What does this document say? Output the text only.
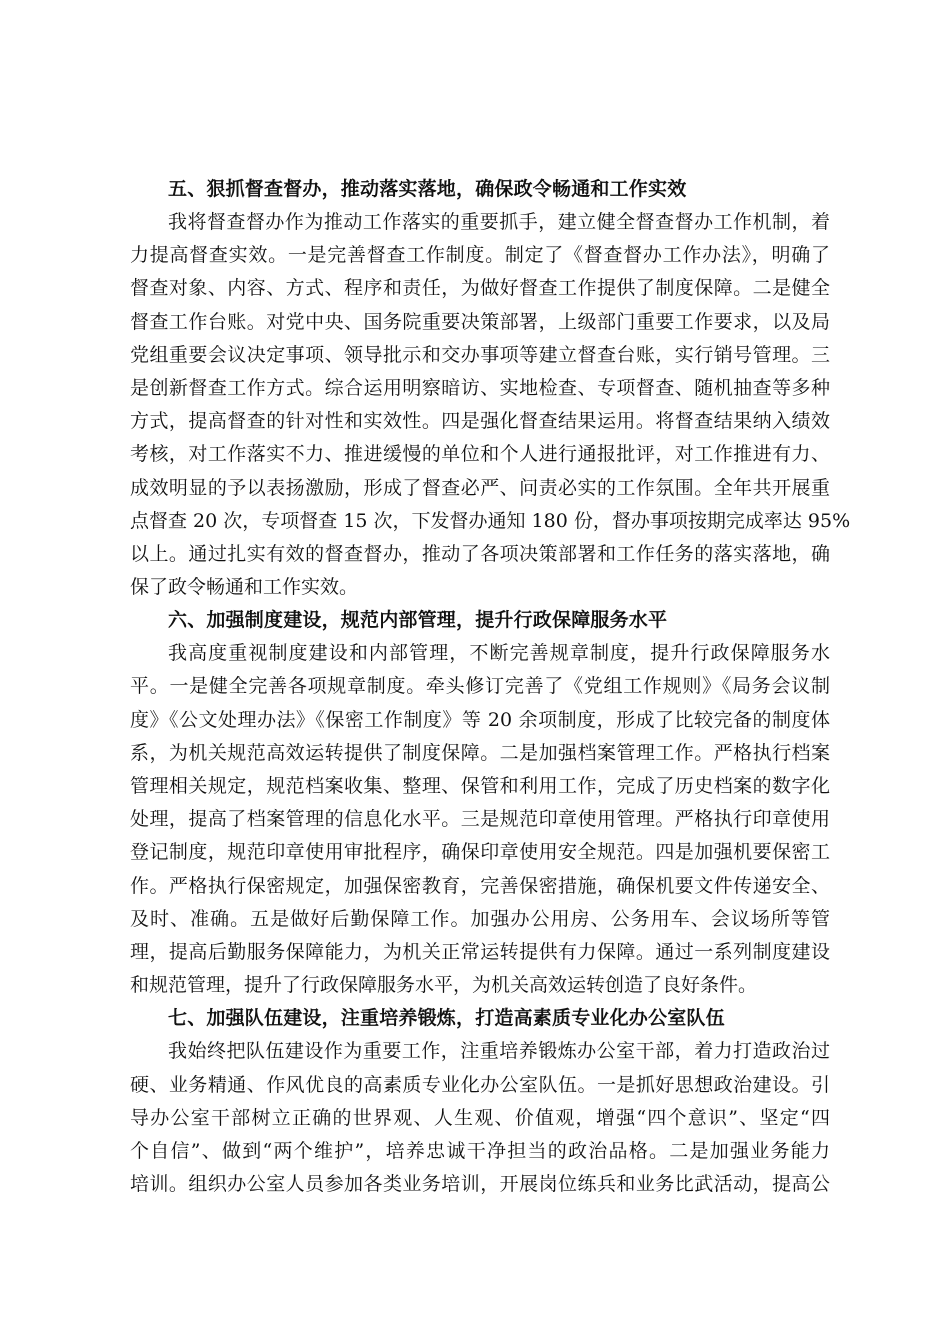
五、狠抓督查督办，推动落实落地，确保政令畅通和工作实效
我将督查督办作为推动工作落实的重要抓手，建立健全督查督办工作机制，着
力提高督查实效。一是完善督查工作制度。制定了《督查督办工作办法》，明确了
督查对象、内容、方式、程序和责任，为做好督查工作提供了制度保障。二是健全
督查工作台账。对党中央、国务院重要决策部署，上级部门重要工作要求，以及局
党组重要会议决定事项、领导批示和交办事项等建立督查台账，实行销号管理。三
是创新督查工作方式。综合运用明察暗访、实地检查、专项督查、随机抽查等多种
方式，提高督查的针对性和实效性。四是强化督查结果运用。将督查结果纳入绩效
考核，对工作落实不力、推进缓慢的单位和个人进行通报批评，对工作推进有力、
成效明显的予以表扬激励，形成了督查必严、问责必实的工作氛围。全年共开展重
点督查 20 次，专项督查 15 次，下发督办通知 180 份，督办事项按期完成率达 95%
以上。通过扎实有效的督查督办，推动了各项决策部署和工作任务的落实落地，确
保了政令畅通和工作实效。
六、加强制度建设，规范内部管理，提升行政保障服务水平
我高度重视制度建设和内部管理，不断完善规章制度，提升行政保障服务水
平。一是健全完善各项规章制度。牵头修订完善了《党组工作规则》《局务会议制
度》《公文处理办法》《保密工作制度》等 20 余项制度，形成了比较完备的制度体
系，为机关规范高效运转提供了制度保障。二是加强档案管理工作。严格执行档案
管理相关规定，规范档案收集、整理、保管和利用工作，完成了历史档案的数字化
处理，提高了档案管理的信息化水平。三是规范印章使用管理。严格执行印章使用
登记制度，规范印章使用审批程序，确保印章使用安全规范。四是加强机要保密工
作。严格执行保密规定，加强保密教育，完善保密措施，确保机要文件传递安全、
及时、准确。五是做好后勤保障工作。加强办公用房、公务用车、会议场所等管
理，提高后勤服务保障能力，为机关正常运转提供有力保障。通过一系列制度建设
和规范管理，提升了行政保障服务水平，为机关高效运转创造了良好条件。
七、加强队伍建设，注重培养锻炼，打造高素质专业化办公室队伍
我始终把队伍建设作为重要工作，注重培养锻炼办公室干部，着力打造政治过
硬、业务精通、作风优良的高素质专业化办公室队伍。一是抓好思想政治建设。引
导办公室干部树立正确的世界观、人生观、价值观，增强“四个意识”、坚定“四
个自信”、做到“两个维护”，培养忠诚干净担当的政治品格。二是加强业务能力
培训。组织办公室人员参加各类业务培训，开展岗位练兵和业务比武活动，提高公
